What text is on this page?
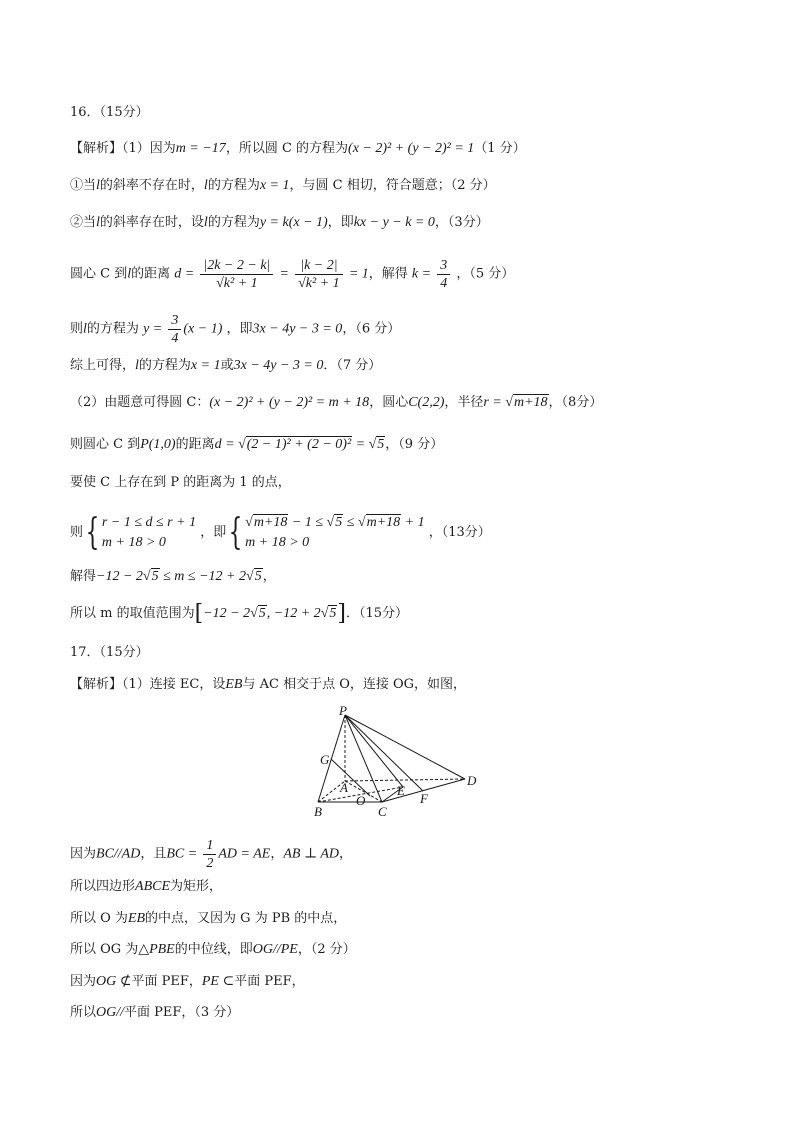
16．（15分）
【解析】（1）因为m = −17，所以圆 C 的方程为(x − 2)² + (y − 2)² = 1（1 分）
①当l的斜率不存在时，l的方程为x = 1，与圆 C 相切，符合题意；（2 分）
②当l的斜率存在时，设l的方程为y = k(x − 1)，即kx − y − k = 0，（3分）
圆心 C 到l的距离 $d = \frac{|2k - 2 - k|}{\text{√k² + 1}} = \frac{|k - 2|}{\text{√k² + 1}} = 1$，解得 $k = \frac{3}{4}$ ，（5 分）
则l的方程为 $y = \frac{3}{4} (x - 1)$ ，即3x − 4y − 3 = 0，（6 分）
综上可得，l的方程为x = 1或3x − 4y − 3 = 0．（7 分）
（2）由题意可得圆 C：(x − 2)² + (y − 2)² = m + 18，圆心C(2,2)，半径r = √m+18，（8分）
则圆心 C 到P(1,0)的距离d = √(2 − 1)² + (2 − 0)² = √5，（9 分）
要使 C 上存在到 P 的距离为 1 的点，
则{ r − 1 ≤ d ≤ r + 1
m + 18 > 0
，即{ √m+18 − 1 ≤ √5 ≤ √m+18 + 1
m + 18 > 0
，（13分）
解得−12 − 2√5 ≤ m ≤ −12 + 2√5，
所以 m 的取值范围为[−12 − 2√5, −12 + 2√5]．（15分）
17．（15分）
【解析】（1）连接 EC，设EB与 AC 相交于点 O，连接 OG，如图，
P
G
A
O
E
F
B	C
D
因为BC//AD，且BC = $\frac{1}{2}$ AD = AE，AB ⊥ AD，
所以四边形ABCE为矩形，
所以 O 为EB的中点，又因为 G 为 PB 的中点，
所以 OG 为△PBE的中位线，即OG//PE，（2 分）
因为OG ⊄平面 PEF，PE ⊂平面 PEF，
所以OG//平面 PEF，（3 分）
